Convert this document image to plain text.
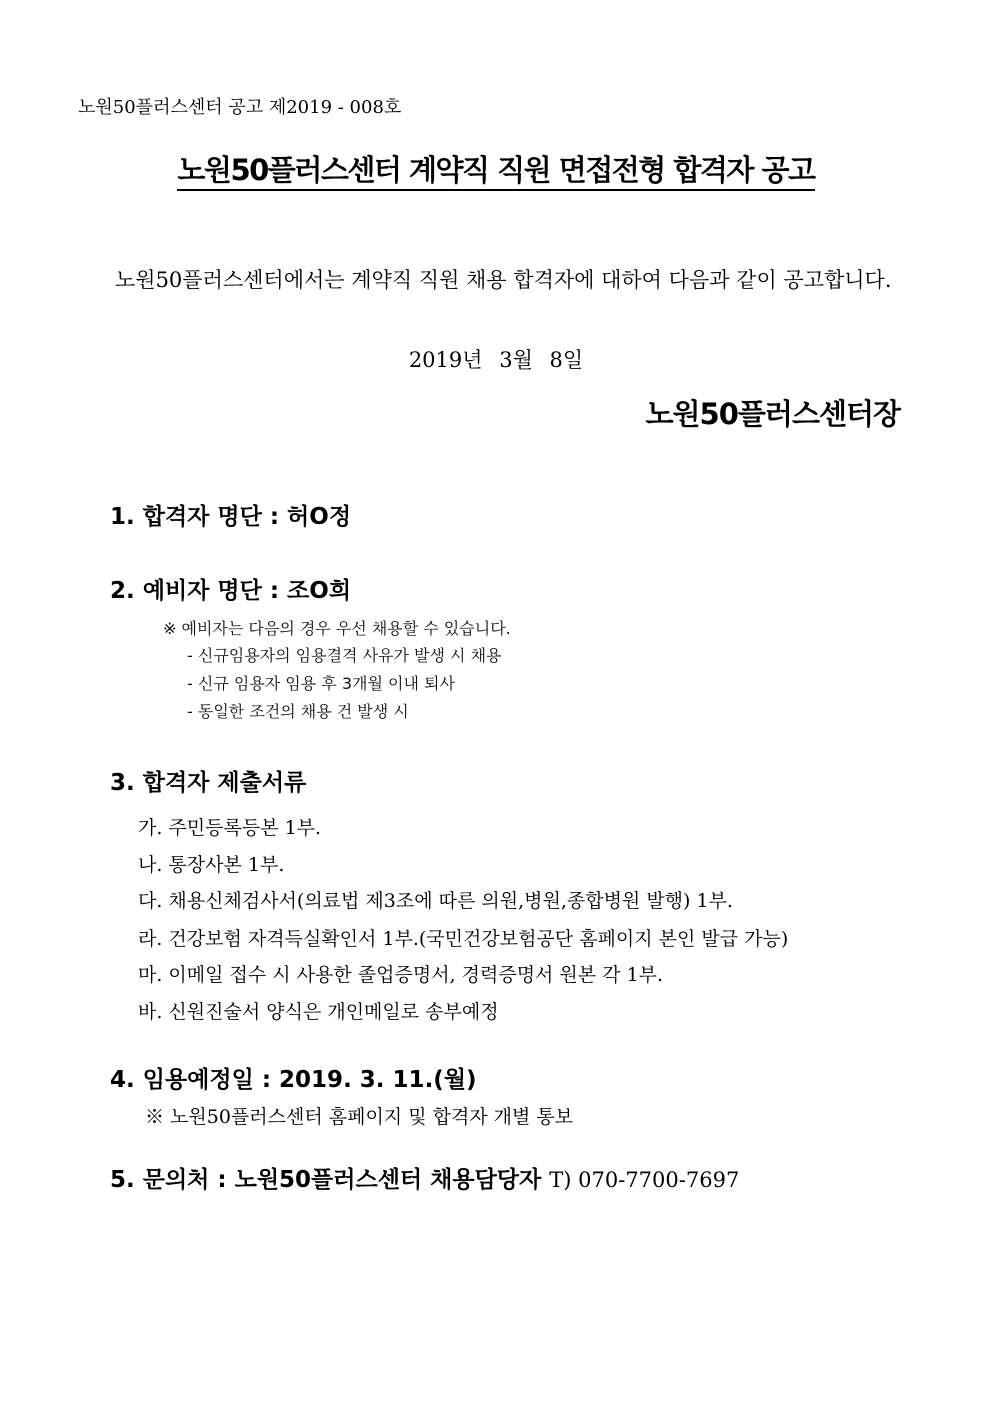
노원50플러스센터 공고 제2019 - 008호
노원50플러스센터 계약직 직원 면접전형 합격자 공고
노원50플러스센터에서는 계약직 직원 채용 합격자에 대하여 다음과 같이 공고합니다.
2019년 3월 8일
노원50플러스센터장
1. 합격자 명단 : 허O정
2. 예비자 명단 : 조O희
※ 예비자는 다음의 경우 우선 채용할 수 있습니다.
- 신규임용자의 임용결격 사유가 발생 시 채용
- 신규 임용자 임용 후 3개월 이내 퇴사
- 동일한 조건의 채용 건 발생 시
3. 합격자 제출서류
가. 주민등록등본 1부.
나. 통장사본 1부.
다. 채용신체검사서(의료법 제3조에 따른 의원,병원,종합병원 발행) 1부.
라. 건강보험 자격득실확인서 1부.(국민건강보험공단 홈페이지 본인 발급 가능)
마. 이메일 접수 시 사용한 졸업증명서, 경력증명서 원본 각 1부.
바. 신원진술서 양식은 개인메일로 송부예정
4. 임용예정일 : 2019. 3. 11.(월)
※ 노원50플러스센터 홈페이지 및 합격자 개별 통보
5. 문의처 : 노원50플러스센터 채용담당자 T) 070-7700-7697
